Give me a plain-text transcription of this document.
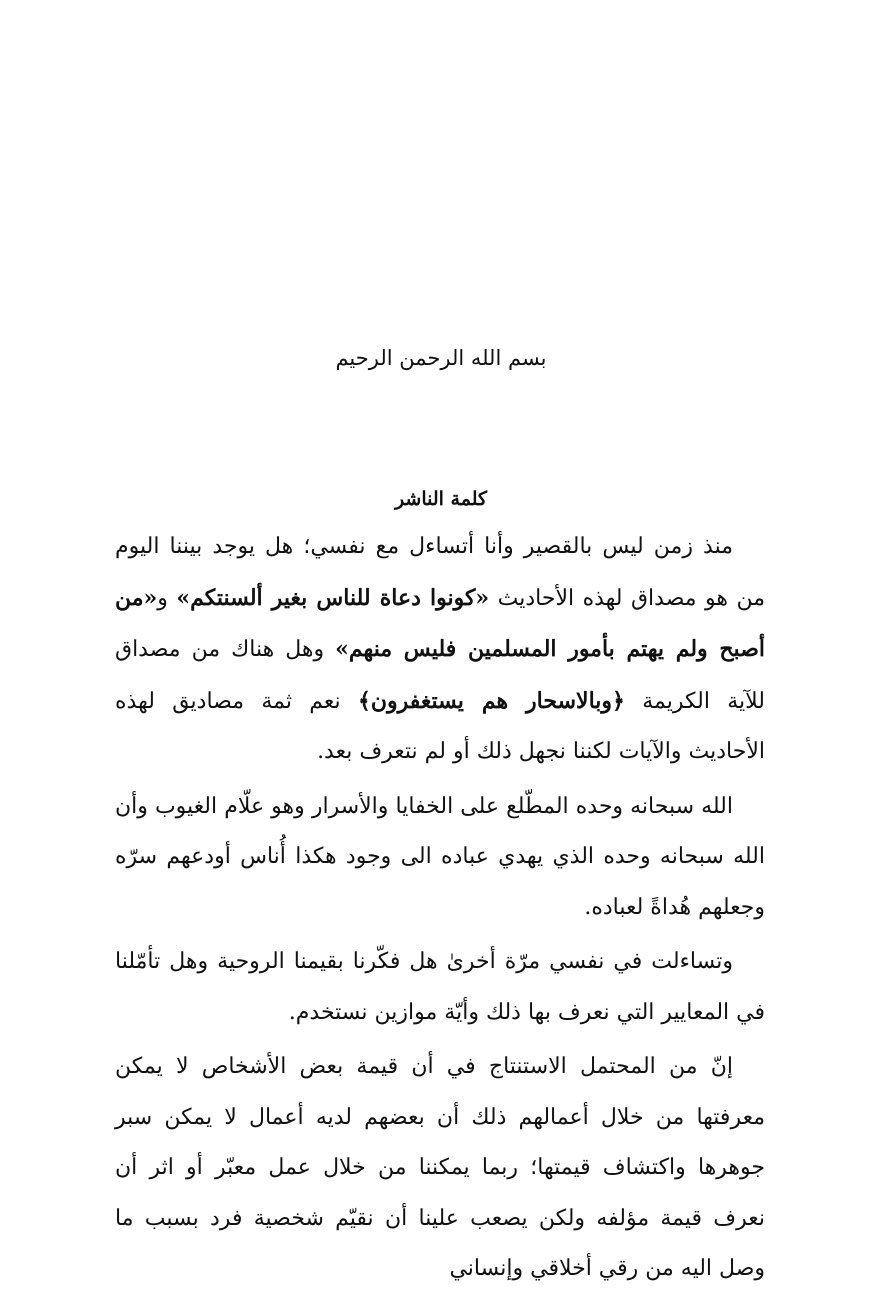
بسم الله الرحمن الرحيم
كلمة الناشر

منذ زمن ليس بالقصير وأنا أتساءل مع نفسي؛ هل يوجد بيننا اليوم من هو مصداق لهذه الأحاديث «كونوا دعاة للناس بغير ألسنتكم» و«من أصبح ولم يهتم بأمور المسلمين فليس منهم» وهل هناك من مصداق للآية الكريمة ﴿وبالاسحار هم يستغفرون﴾ نعم ثمة مصاديق لهذه الأحاديث والآيات لكننا نجهل ذلك أو لم نتعرف بعد.

الله سبحانه وحده المطّلع على الخفايا والأسرار وهو علّام الغيوب وأن الله سبحانه وحده الذي يهدي عباده الى وجود هكذا أُناس أودعهم سرّه وجعلهم هُداةً لعباده.

وتساءلت في نفسي مرّة أخرىٰ هل فكّرنا بقيمنا الروحية وهل تأمّلنا في المعايير التي نعرف بها ذلك وأيّة موازين نستخدم.

إنّ من المحتمل الاستنتاج في أن قيمة بعض الأشخاص لا يمكن معرفتها من خلال أعمالهم ذلك أن بعضهم لديه أعمال لا يمكن سبر جوهرها واكتشاف قيمتها؛ ربما يمكننا من خلال عمل معبّر أو اثر أن نعرف قيمة مؤلفه ولكن يصعب علينا أن نقيّم شخصية فرد بسبب ما وصل اليه من رقي أخلاقي وإنساني
